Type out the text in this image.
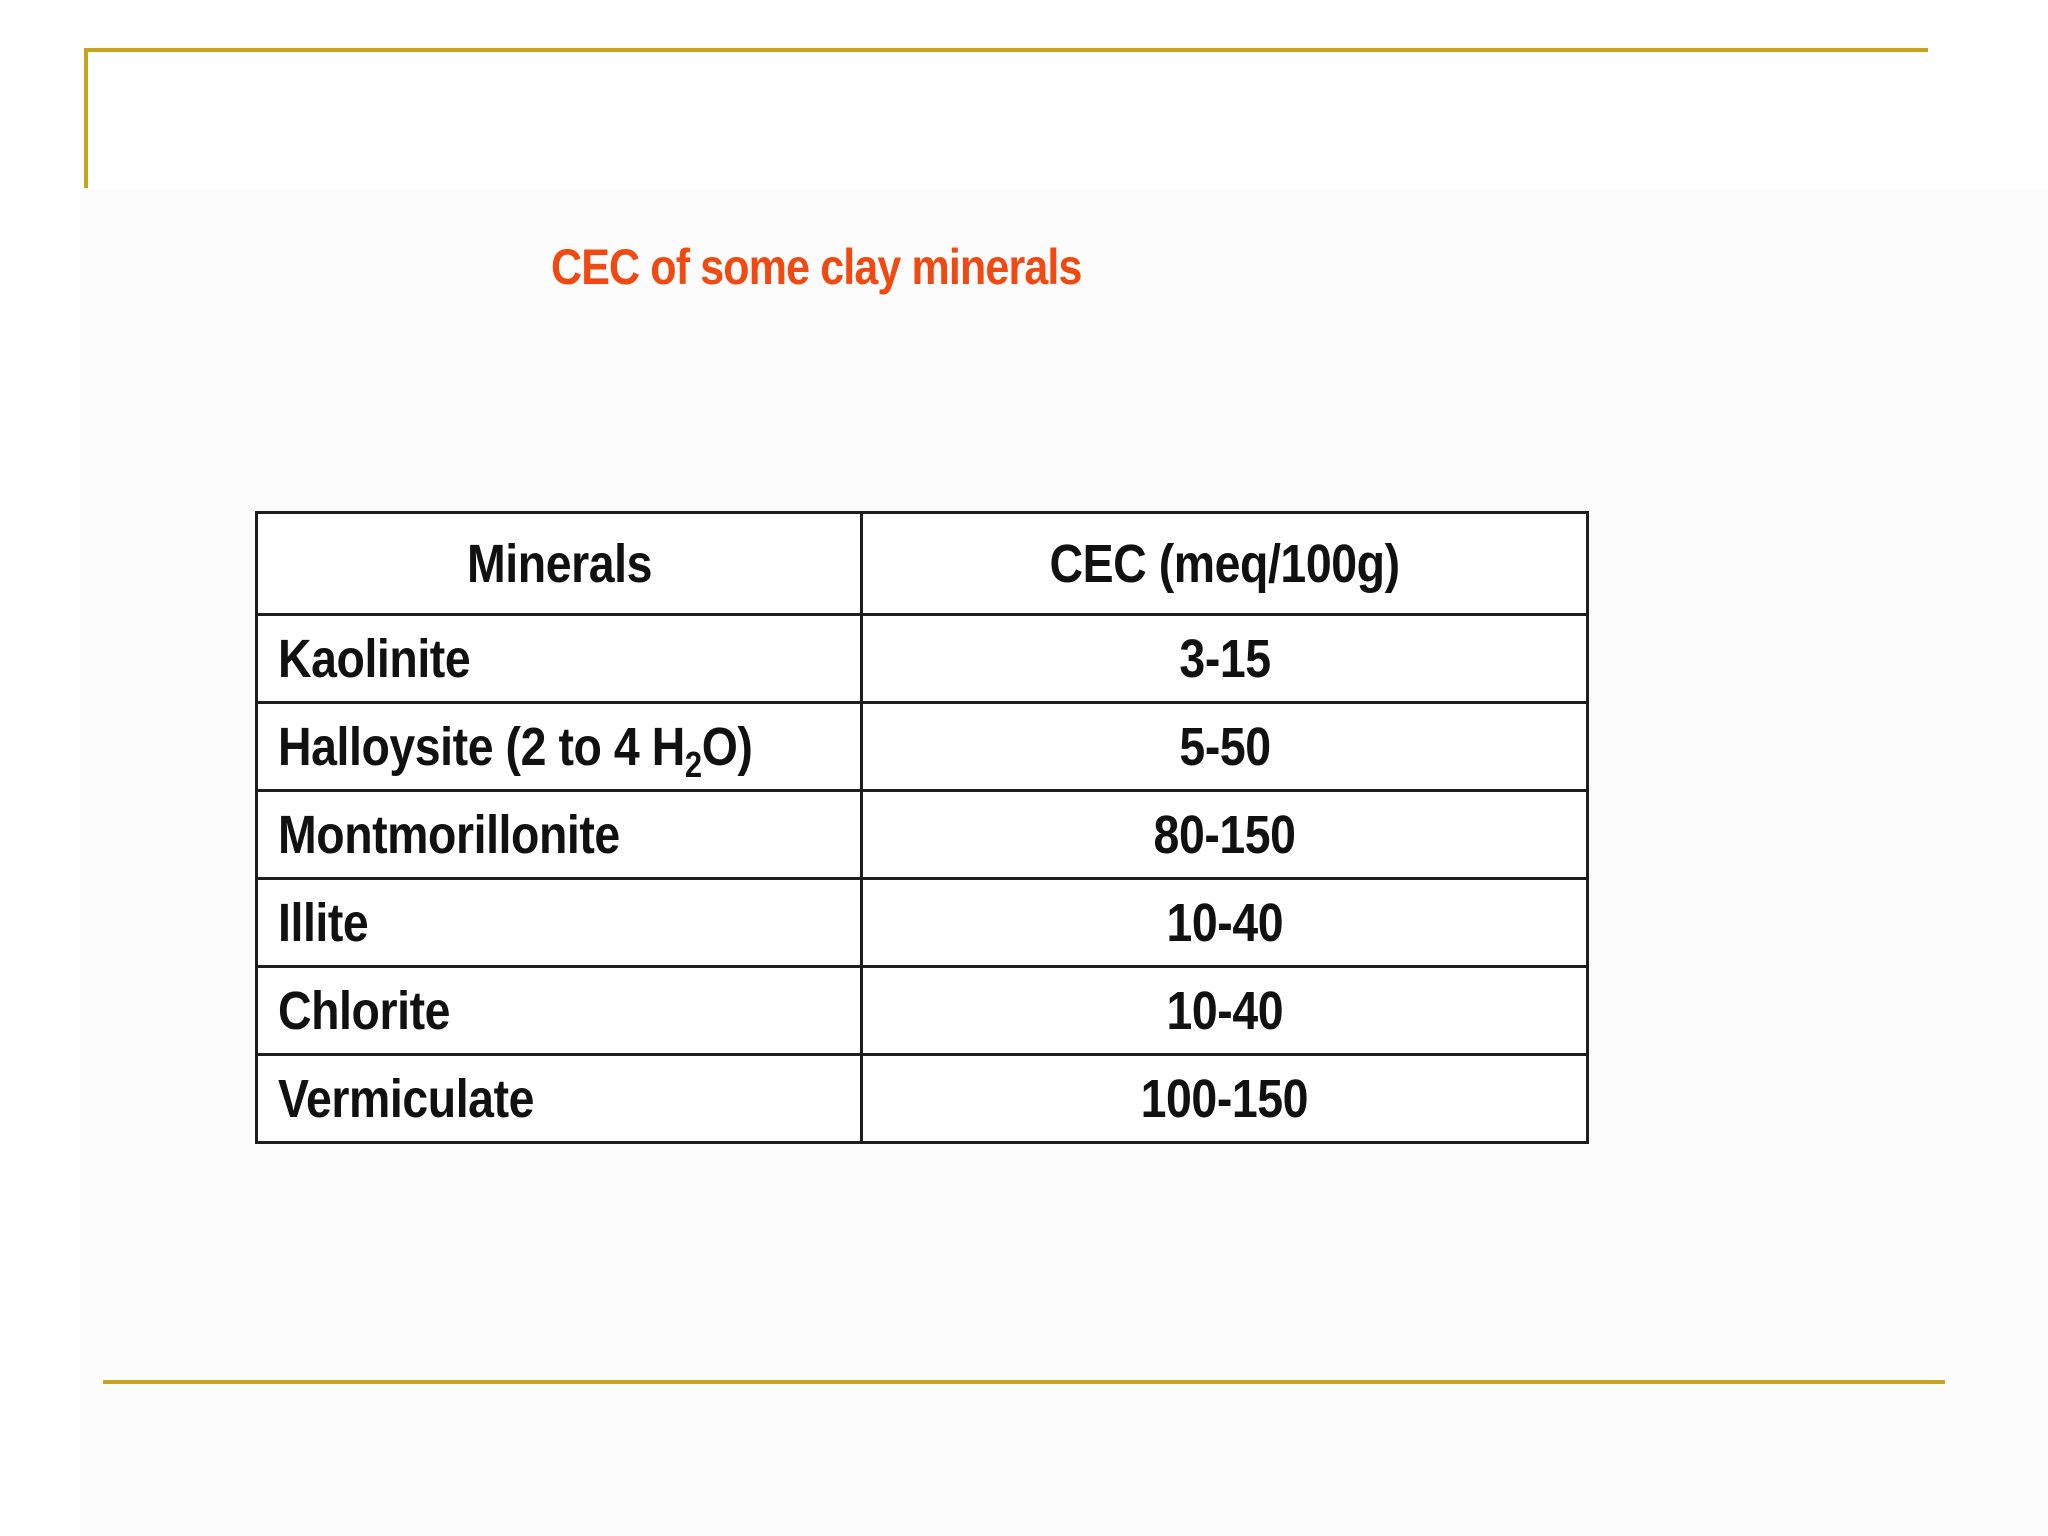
CEC of some clay minerals
Minerals	CEC (meq/100g)
Kaolinite	3-15
Halloysite (2 to 4 $H_2O$)	5-50
Montmorillonite	80-150
Illite	10-40
Chlorite	10-40
Vermiculate	100-150
